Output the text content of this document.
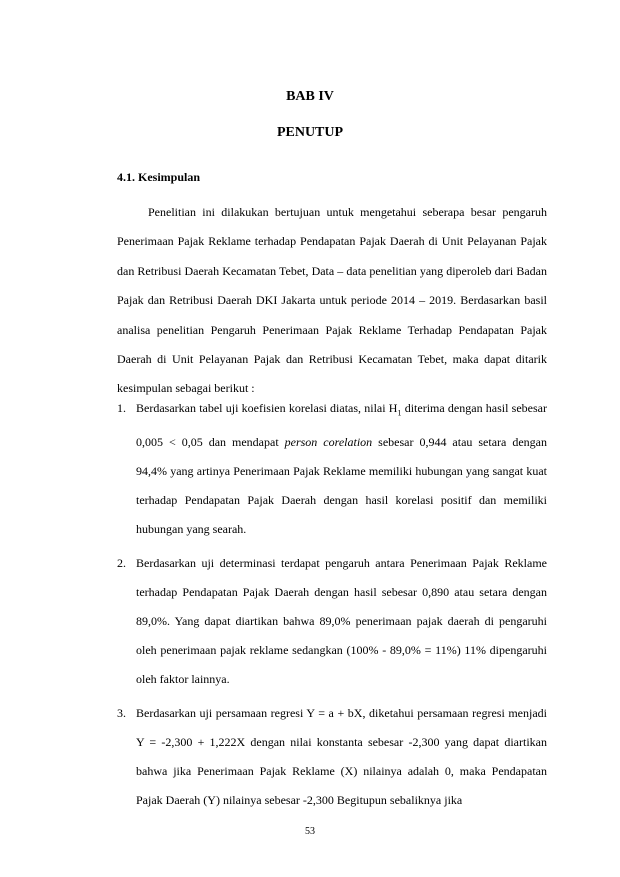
BAB IV
PENUTUP
4.1. Kesimpulan

Penelitian ini dilakukan bertujuan untuk mengetahui seberapa besar pengaruh Penerimaan Pajak Reklame terhadap Pendapatan Pajak Daerah di Unit Pelayanan Pajak dan Retribusi Daerah Kecamatan Tebet, Data – data penelitian yang diperoleb dari Badan Pajak dan Retribusi Daerah DKI Jakarta untuk periode 2014 – 2019. Berdasarkan basil analisa penelitian Pengaruh Penerimaan Pajak Reklame Terhadap Pendapatan Pajak Daerah di Unit Pelayanan Pajak dan Retribusi Kecamatan Tebet, maka dapat ditarik kesimpulan sebagai berikut :

1. Berdasarkan tabel uji koefisien korelasi diatas, nilai $H_1$ diterima dengan hasil sebesar 0,005 < 0,05 dan mendapat person corelation sebesar 0,944 atau setara dengan 94,4% yang artinya Penerimaan Pajak Reklame memiliki hubungan yang sangat kuat terhadap Pendapatan Pajak Daerah dengan hasil korelasi positif dan memiliki hubungan yang searah.
2. Berdasarkan uji determinasi terdapat pengaruh antara Penerimaan Pajak Reklame terhadap Pendapatan Pajak Daerah dengan hasil sebesar 0,890 atau setara dengan 89,0%. Yang dapat diartikan bahwa 89,0% penerimaan pajak daerah di pengaruhi oleh penerimaan pajak reklame sedangkan (100% - 89,0% = 11%) 11% dipengaruhi oleh faktor lainnya.
3. Berdasarkan uji persamaan regresi Y = a + bX, diketahui persamaan regresi menjadi Y = -2,300 + 1,222X dengan nilai konstanta sebesar -2,300 yang dapat diartikan bahwa jika Penerimaan Pajak Reklame (X) nilainya adalah 0, maka Pendapatan Pajak Daerah (Y) nilainya sebesar -2,300 Begitupun sebaliknya jika
53
